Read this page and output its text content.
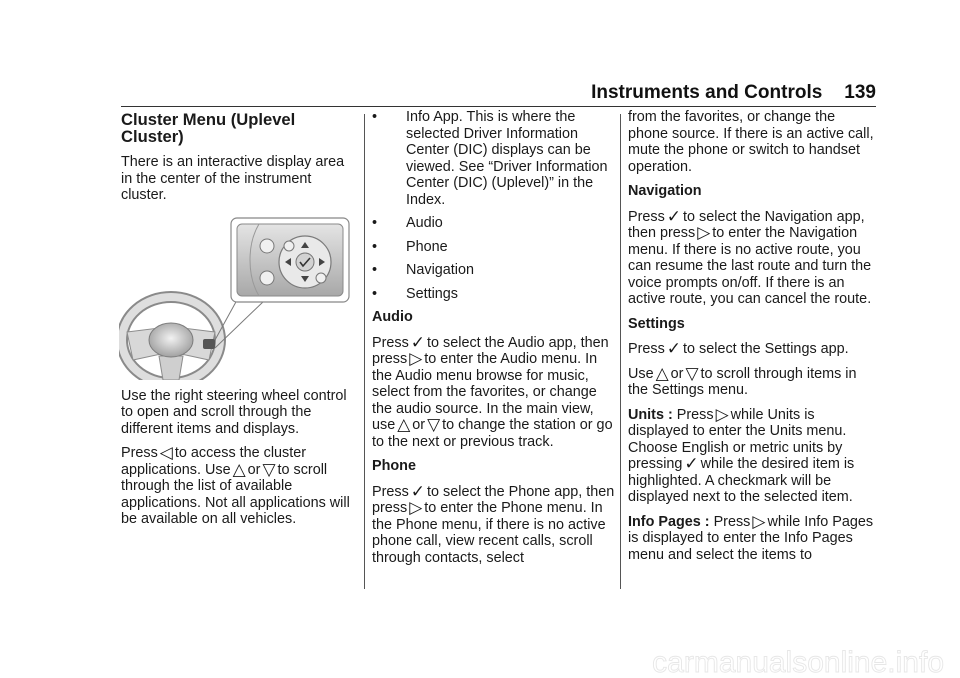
Instruments and Controls 139
Cluster Menu (Uplevel Cluster)

There is an interactive display area in the center of the instrument cluster.

Use the right steering wheel control to open and scroll through the different items and displays.

Press ◁ to access the cluster applications. Use △ or ▽ to scroll through the list of available applications. Not all applications will be available on all vehicles.

• Info App. This is where the selected Driver Information Center (DIC) displays can be viewed. See “Driver Information Center (DIC) (Uplevel)” in the Index.
• Audio
• Phone
• Navigation
• Settings
Audio

Press ✓ to select the Audio app, then press ▷ to enter the Audio menu. In the Audio menu browse for music, select from the favorites, or change the audio source. In the main view, use △ or ▽ to change the station or go to the next or previous track.

Phone

Press ✓ to select the Phone app, then press ▷ to enter the Phone menu. In the Phone menu, if there is no active phone call, view recent calls, scroll through contacts, select

from the favorites, or change the phone source. If there is an active call, mute the phone or switch to handset operation.

Navigation

Press ✓ to select the Navigation app, then press ▷ to enter the Navigation menu. If there is no active route, you can resume the last route and turn the voice prompts on/off. If there is an active route, you can cancel the route.

Settings

Press ✓ to select the Settings app.

Use △ or ▽ to scroll through items in the Settings menu.

Units : Press ▷ while Units is displayed to enter the Units menu. Choose English or metric units by pressing ✓ while the desired item is highlighted. A checkmark will be displayed next to the selected item.

Info Pages : Press ▷ while Info Pages is displayed to enter the Info Pages menu and select the items to

carmanualsonline.info
